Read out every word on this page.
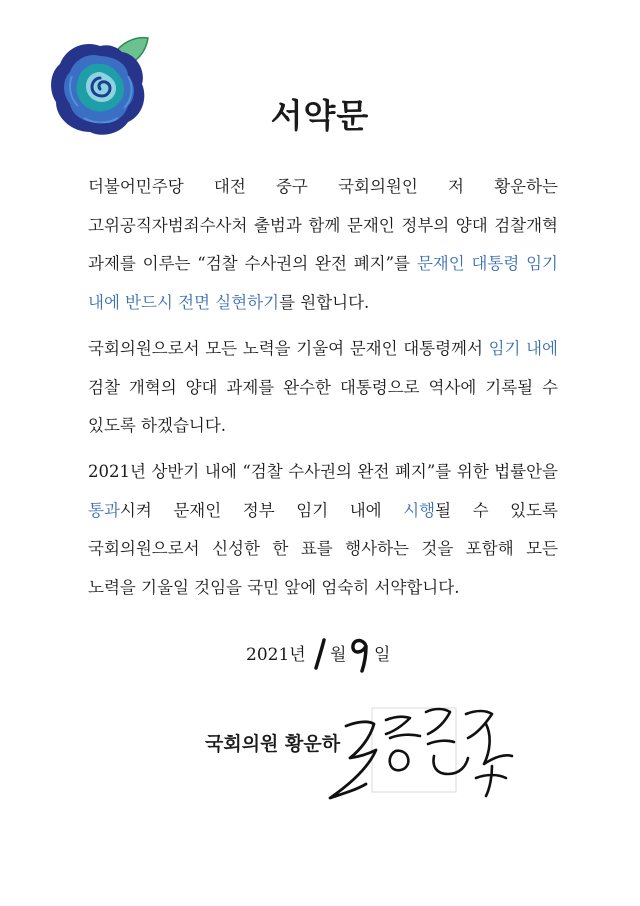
서약문

더불어민주당 대전 중구 국회의원인 저 황운하는 고위공직자범죄수사처 출범과 함께 문재인 정부의 양대 검찰개혁 과제를 이루는 “검찰 수사권의 완전 폐지”를 문재인 대통령 임기 내에 반드시 전면 실현하기를 원합니다.

국회의원으로서 모든 노력을 기울여 문재인 대통령께서 임기 내에 검찰 개혁의 양대 과제를 완수한 대통령으로 역사에 기록될 수 있도록 하겠습니다.

2021년 상반기 내에 “검찰 수사권의 완전 폐지”를 위한 법률안을 통과시켜 문재인 정부 임기 내에 시행될 수 있도록 국회의원으로서 신성한 한 표를 행사하는 것을 포함해 모든 노력을 기울일 것임을 국민 앞에 엄숙히 서약합니다.

2021년
1
월
9
일
국회의원 황운하
